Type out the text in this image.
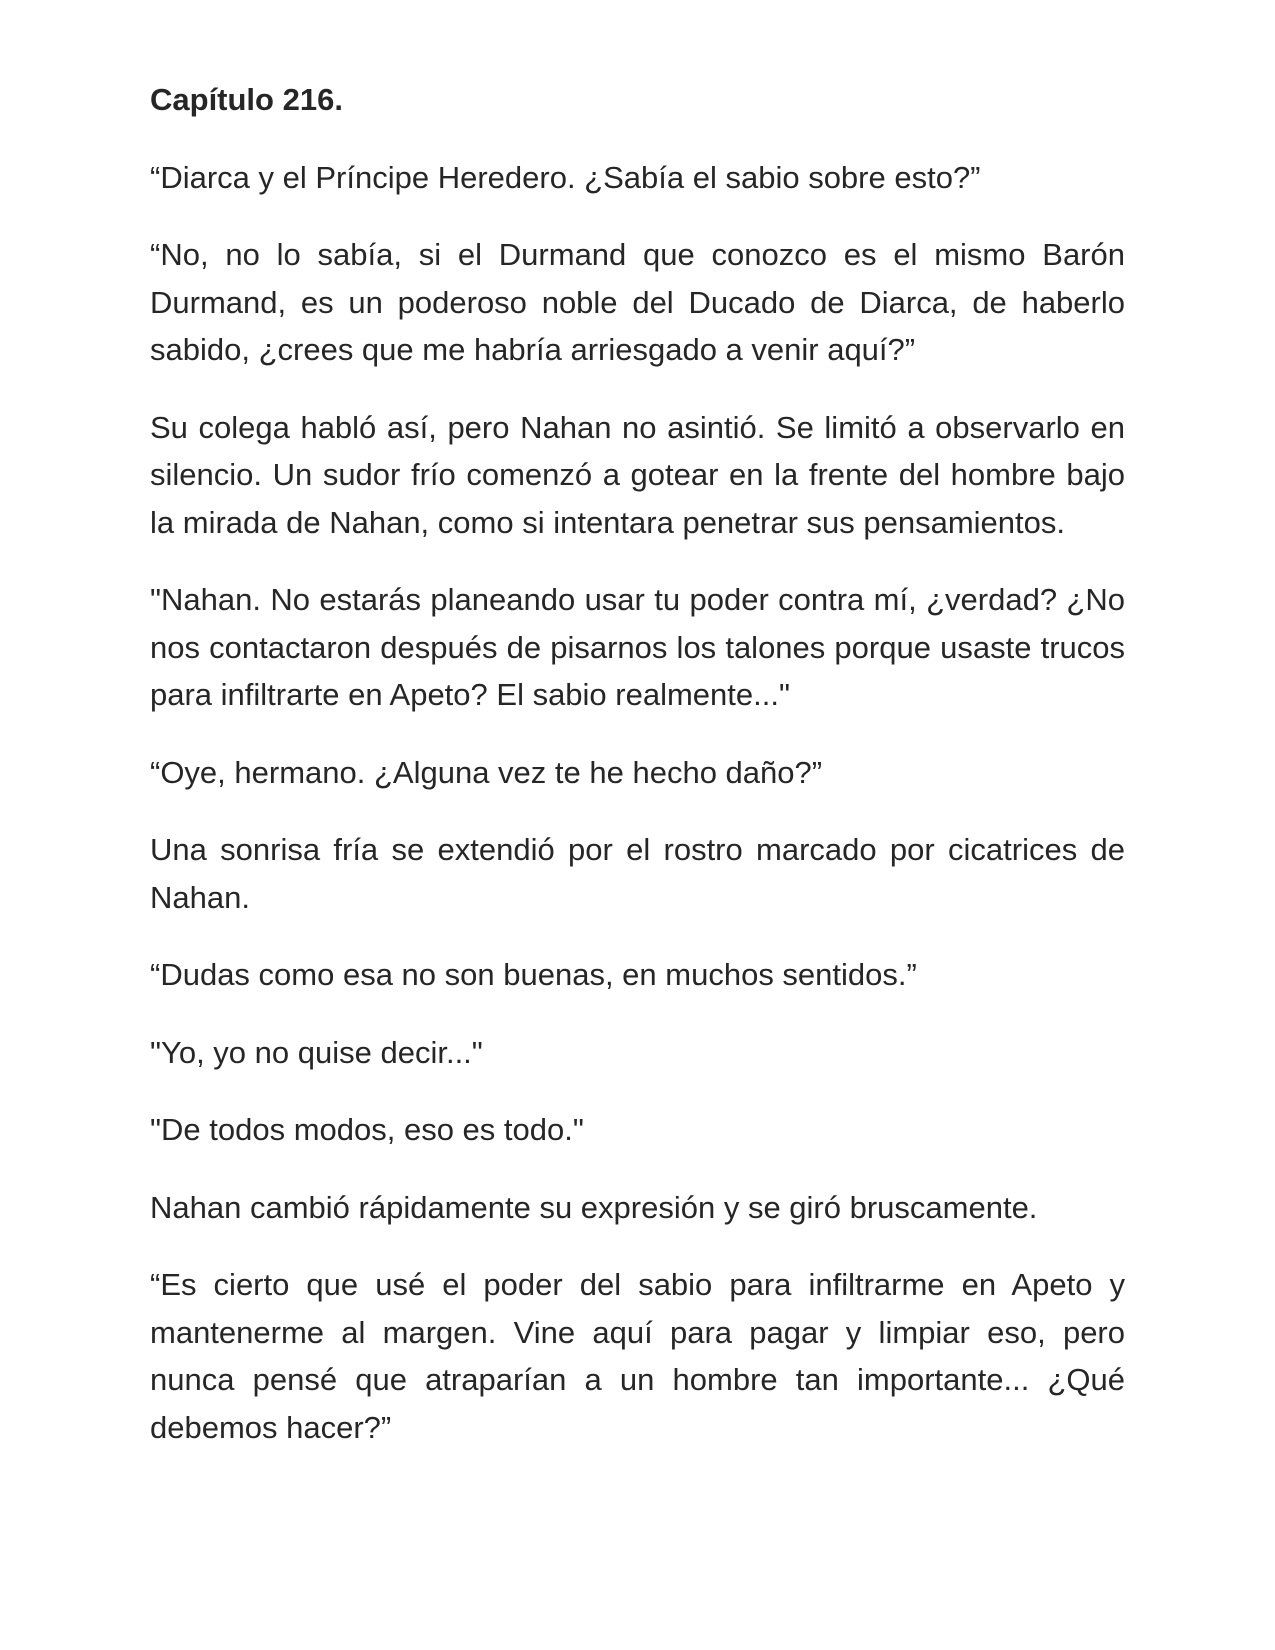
Capítulo 216.

“Diarca y el Príncipe Heredero. ¿Sabía el sabio sobre esto?”

“No, no lo sabía, si el Durmand que conozco es el mismo Barón Durmand, es un poderoso noble del Ducado de Diarca, de haberlo sabido, ¿crees que me habría arriesgado a venir aquí?”

Su colega habló así, pero Nahan no asintió. Se limitó a observarlo en silencio. Un sudor frío comenzó a gotear en la frente del hombre bajo la mirada de Nahan, como si intentara penetrar sus pensamientos.

"Nahan. No estarás planeando usar tu poder contra mí, ¿verdad? ¿No nos contactaron después de pisarnos los talones porque usaste trucos para infiltrarte en Apeto? El sabio realmente..."

“Oye, hermano. ¿Alguna vez te he hecho daño?”

Una sonrisa fría se extendió por el rostro marcado por cicatrices de Nahan.

“Dudas como esa no son buenas, en muchos sentidos.”

"Yo, yo no quise decir..."

"De todos modos, eso es todo."

Nahan cambió rápidamente su expresión y se giró bruscamente.

“Es cierto que usé el poder del sabio para infiltrarme en Apeto y mantenerme al margen. Vine aquí para pagar y limpiar eso, pero nunca pensé que atraparían a un hombre tan importante... ¿Qué debemos hacer?”
